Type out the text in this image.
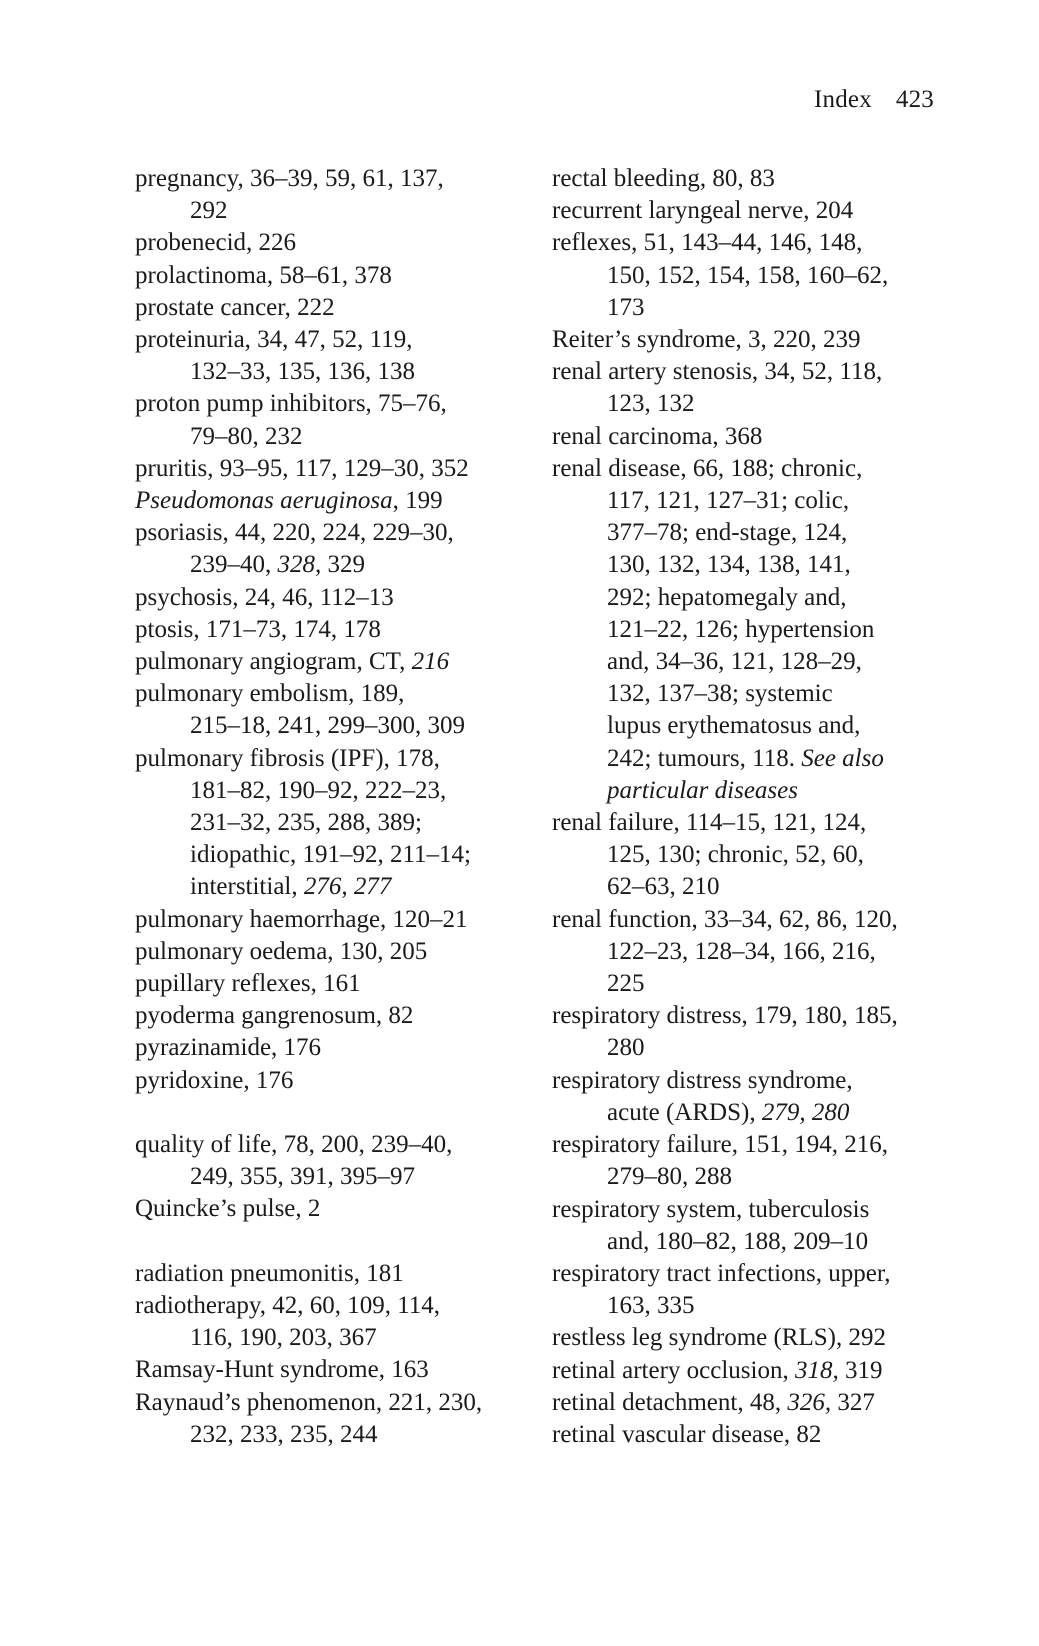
Index 423
pregnancy, 36–39, 59, 61, 137,
292
probenecid, 226
prolactinoma, 58–61, 378
prostate cancer, 222
proteinuria, 34, 47, 52, 119,
132–33, 135, 136, 138
proton pump inhibitors, 75–76,
79–80, 232
pruritis, 93–95, 117, 129–30, 352
Pseudomonas aeruginosa, 199
psoriasis, 44, 220, 224, 229–30,
239–40, 328, 329
psychosis, 24, 46, 112–13
ptosis, 171–73, 174, 178
pulmonary angiogram, CT, 216
pulmonary embolism, 189,
215–18, 241, 299–300, 309
pulmonary fibrosis (IPF), 178,
181–82, 190–92, 222–23,
231–32, 235, 288, 389;
idiopathic, 191–92, 211–14;
interstitial, 276, 277
pulmonary haemorrhage, 120–21
pulmonary oedema, 130, 205
pupillary reflexes, 161
pyoderma gangrenosum, 82
pyrazinamide, 176
pyridoxine, 176
quality of life, 78, 200, 239–40,
249, 355, 391, 395–97
Quincke’s pulse, 2
radiation pneumonitis, 181
radiotherapy, 42, 60, 109, 114,
116, 190, 203, 367
Ramsay-Hunt syndrome, 163
Raynaud’s phenomenon, 221, 230,
232, 233, 235, 244
rectal bleeding, 80, 83
recurrent laryngeal nerve, 204
reflexes, 51, 143–44, 146, 148,
150, 152, 154, 158, 160–62,
173
Reiter’s syndrome, 3, 220, 239
renal artery stenosis, 34, 52, 118,
123, 132
renal carcinoma, 368
renal disease, 66, 188; chronic,
117, 121, 127–31; colic,
377–78; end-stage, 124,
130, 132, 134, 138, 141,
292; hepatomegaly and,
121–22, 126; hypertension
and, 34–36, 121, 128–29,
132, 137–38; systemic
lupus erythematosus and,
242; tumours, 118. See also
particular diseases
renal failure, 114–15, 121, 124,
125, 130; chronic, 52, 60,
62–63, 210
renal function, 33–34, 62, 86, 120,
122–23, 128–34, 166, 216,
225
respiratory distress, 179, 180, 185,
280
respiratory distress syndrome,
acute (ARDS), 279, 280
respiratory failure, 151, 194, 216,
279–80, 288
respiratory system, tuberculosis
and, 180–82, 188, 209–10
respiratory tract infections, upper,
163, 335
restless leg syndrome (RLS), 292
retinal artery occlusion, 318, 319
retinal detachment, 48, 326, 327
retinal vascular disease, 82
